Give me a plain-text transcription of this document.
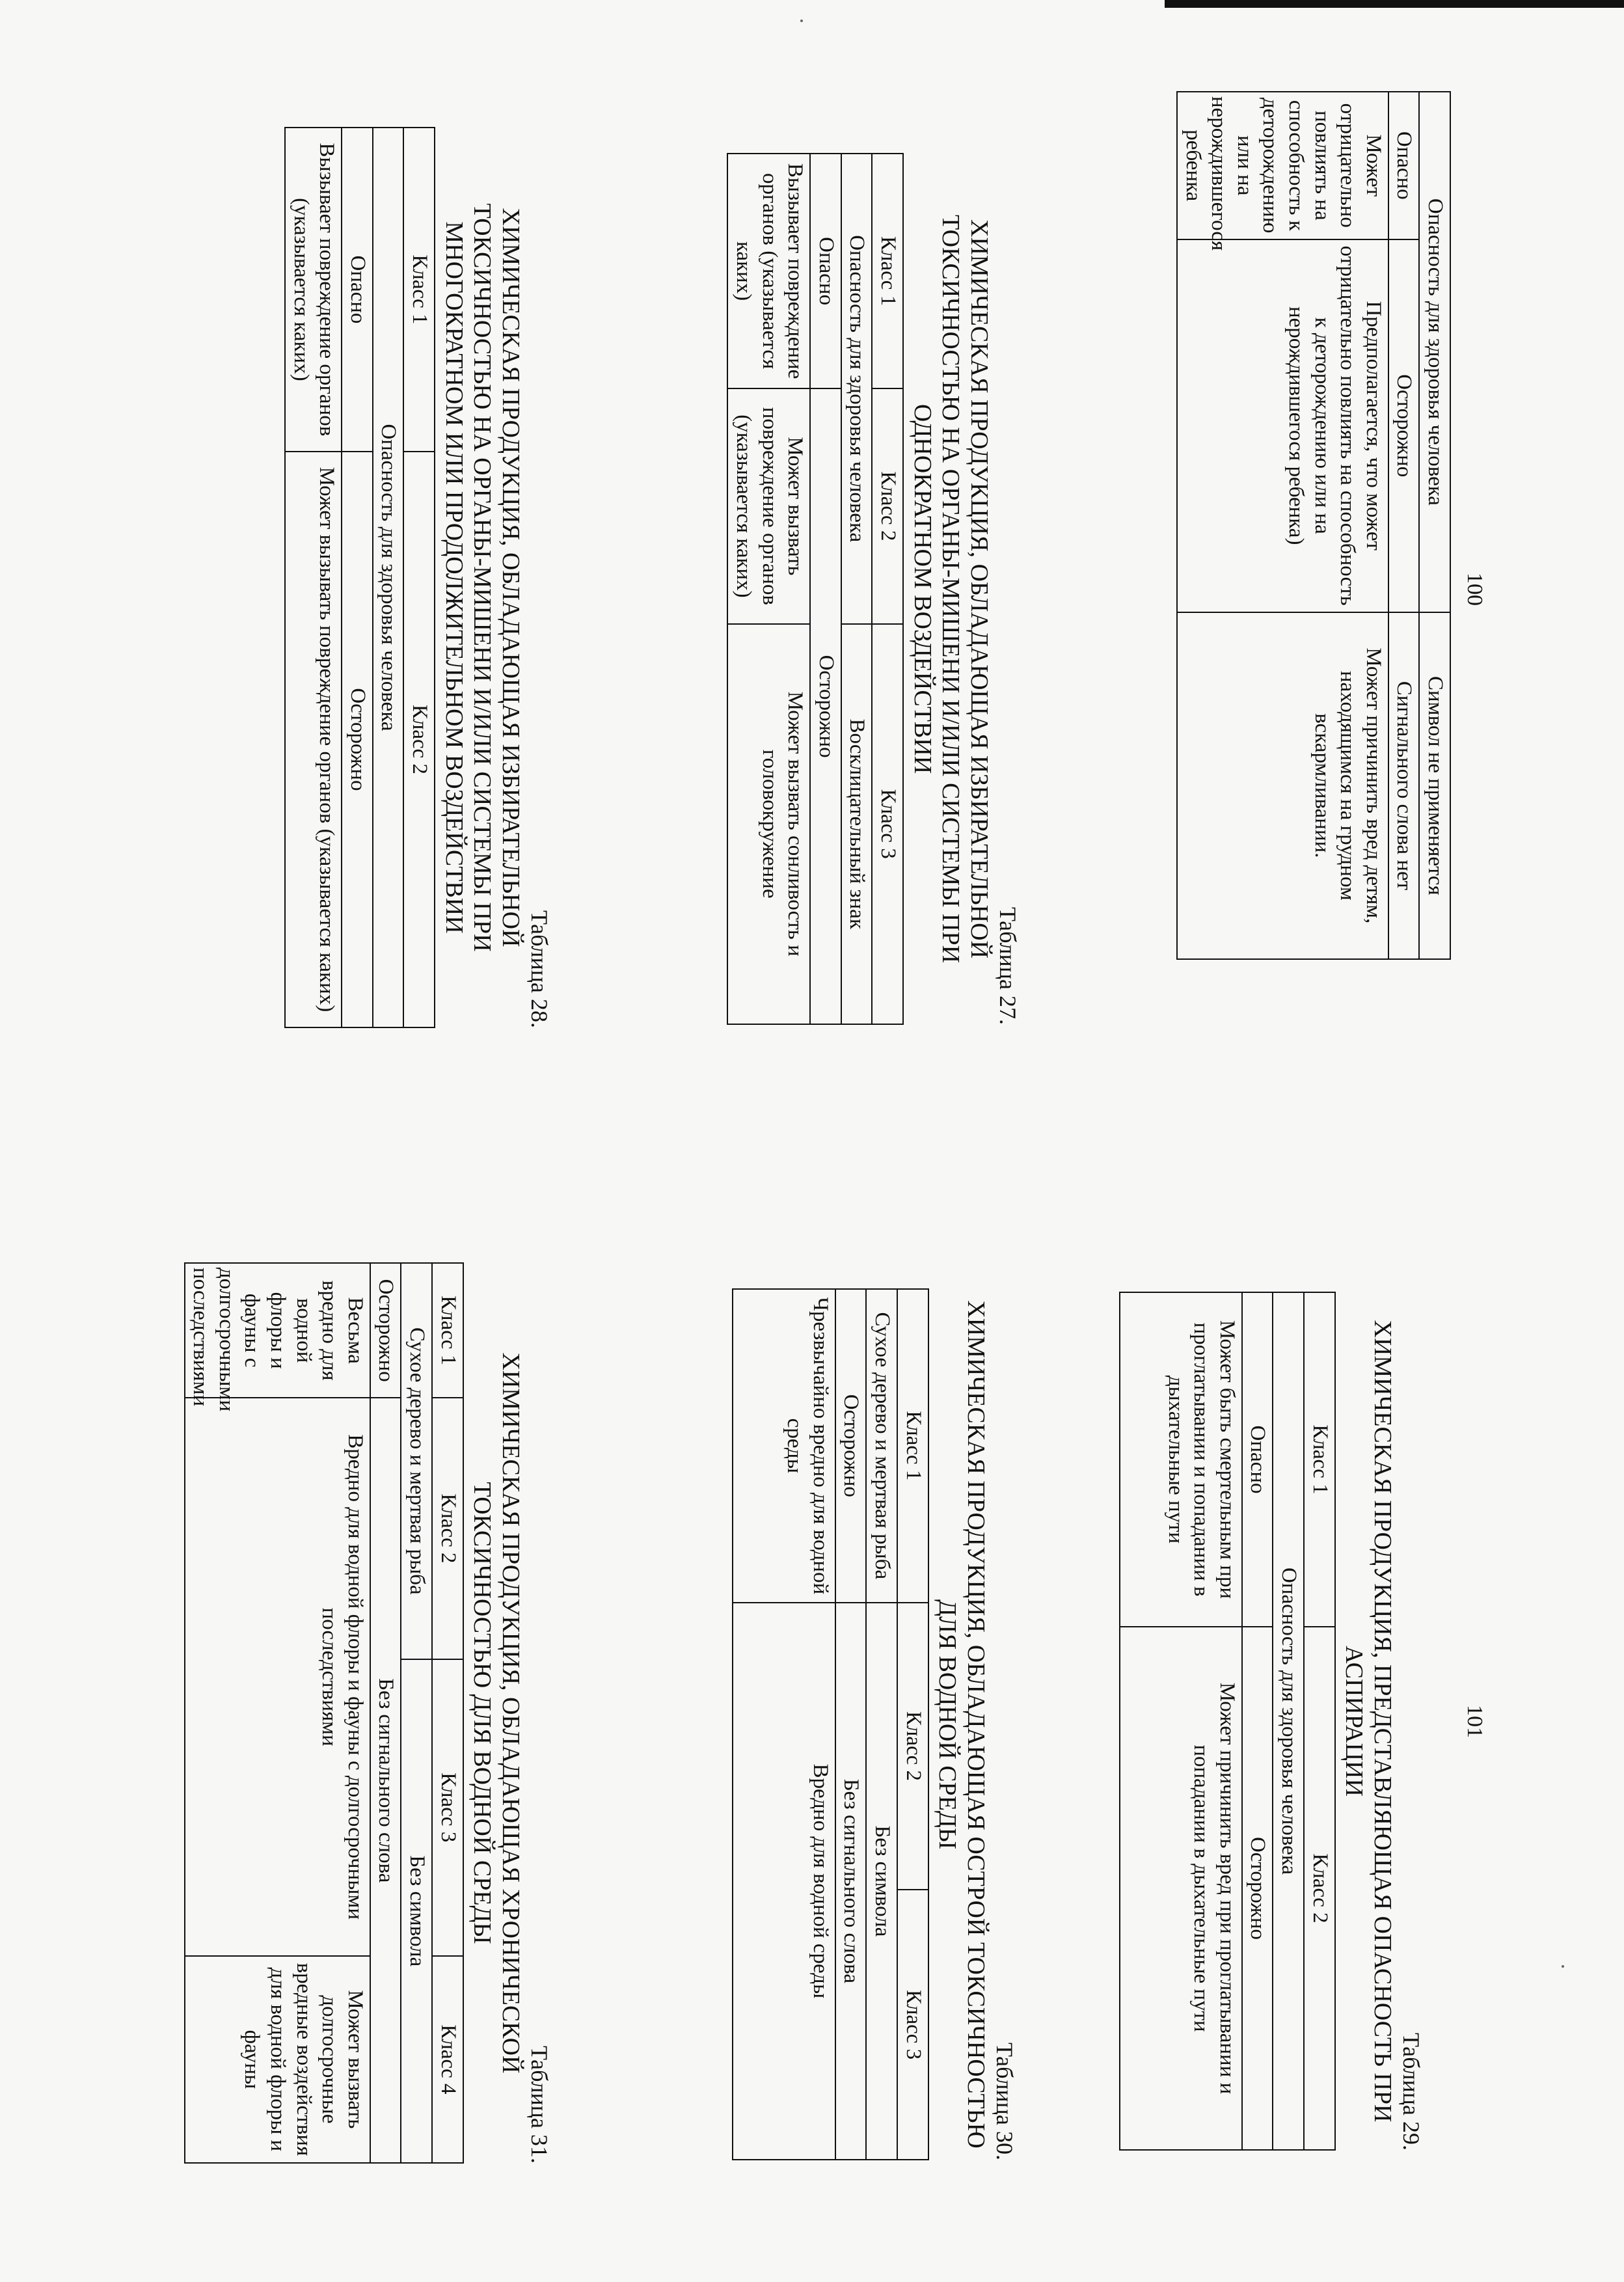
100
101
Опасность для здоровья человека		Символ не применяется
Опасно	Осторожно	Сигнального слова нет
Может отрицательно повлиять на способность к деторождению или на нерождившегося ребенка	Предполагается, что может отрицательно повлиять на способность к деторождению или на нерождившегося ребенка)	Может причинить вред детям, находящимся на грудном вскармливании.
Таблица 27.
ХИМИЧЕСКАЯ ПРОДУКЦИЯ, ОБЛАДАЮЩАЯ ИЗБИРАТЕЛЬНОЙ ТОКСИЧНОСТЬЮ НА ОРГАНЫ-МИШЕНИ И/ИЛИ СИСТЕМЫ ПРИ ОДНОКРАТНОМ ВОЗДЕЙСТВИИ
Класс 1	Класс 2	Класс 3
Опасность для здоровья человека		Восклицательный знак
Опасно	Осторожно	
Вызывает повреждение органов (указывается каких)	Может вызвать повреждение органов (указывается каких)	Может вызвать сонливость и головокружение
Таблица 28.
ХИМИЧЕСКАЯ ПРОДУКЦИЯ, ОБЛАДАЮЩАЯ ИЗБИРАТЕЛЬНОЙ ТОКСИЧНОСТЬЮ НА ОРГАНЫ-МИШЕНИ И/ИЛИ СИСТЕМЫ ПРИ МНОГОКРАТНОМ ИЛИ ПРОДОЛЖИТЕЛЬНОМ ВОЗДЕЙСТВИИ
Класс 1	Класс 2
Опасность для здоровья человека	
Опасно	Осторожно
Вызывает повреждение органов (указывается каких)	Может вызывать повреждение органов (указывается каких)
Таблица 29.
ХИМИЧЕСКАЯ ПРОДУКЦИЯ, ПРЕДСТАВЛЯЮЩАЯ ОПАСНОСТЬ ПРИ АСПИРАЦИИ
Класс 1	Класс 2
Опасность для здоровья человека	
Опасно	Осторожно
Может быть смертельным при проглатывании и попадании в дыхательные пути	Может причинить вред при проглатывании и попадании в дыхательные пути
Таблица 30.
ХИМИЧЕСКАЯ ПРОДУКЦИЯ, ОБЛАДАЮЩАЯ ОСТРОЙ ТОКСИЧНОСТЬЮ ДЛЯ ВОДНОЙ СРЕДЫ
Класс 1	Класс 2	Класс 3
Сухое дерево и мертвая рыба	Без символа	
Осторожно	Без сигнального слова	
Чрезвычайно вредно для водной среды	Вредно для водной среды	
Таблица 31.
ХИМИЧЕСКАЯ ПРОДУКЦИЯ, ОБЛАДАЮЩАЯ ХРОНИЧЕСКОЙ ТОКСИЧНОСТЬЮ ДЛЯ ВОДНОЙ СРЕДЫ
Класс 1	Класс 2	Класс 3	Класс 4
Сухое дерево и мертвая рыба		Без символа	
Осторожно	Без сигнального слова		
Весьма вредно для водной флоры и фауны с долгосрочными последствиями	Вредно для водной флоры и фауны с долгосрочными последствиями		Может вызвать долгосрочные вредные воздействия для водной флоры и фауны
